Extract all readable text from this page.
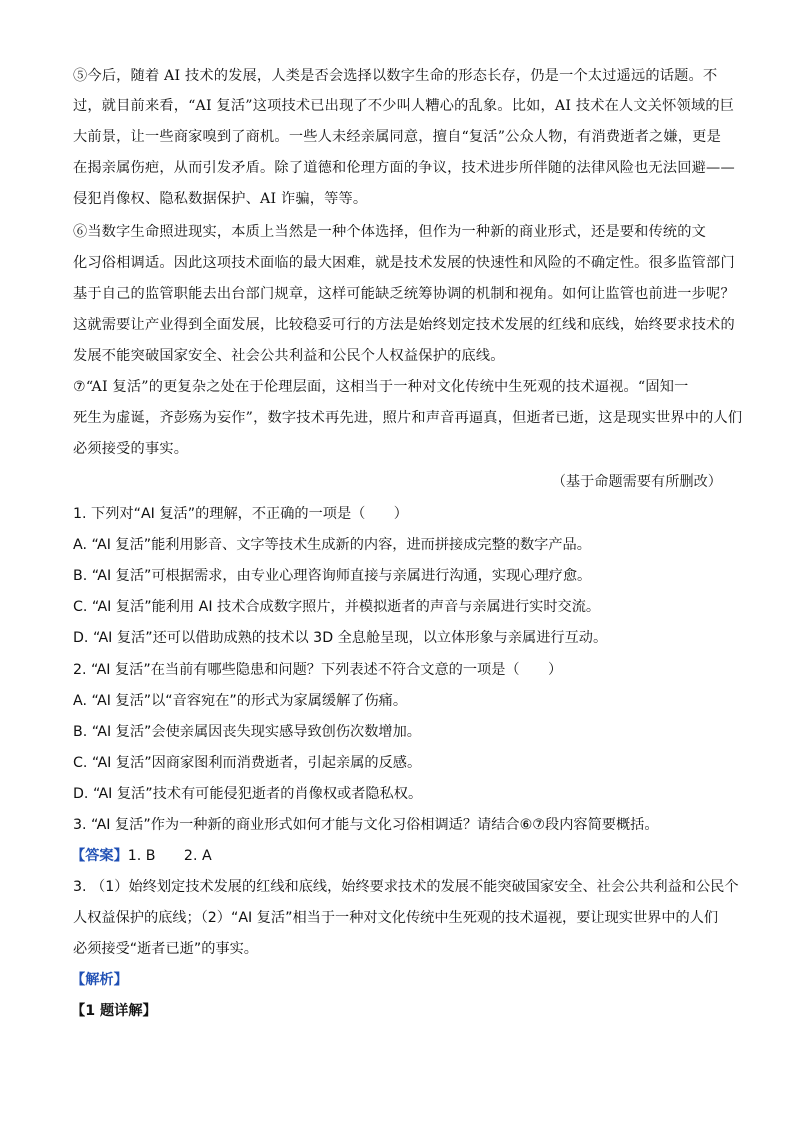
⑤今后，随着 AI 技术的发展，人类是否会选择以数字生命的形态长存，仍是一个太过遥远的话题。不
过，就目前来看，“AI 复活”这项技术已出现了不少叫人糟心的乱象。比如，AI 技术在人文关怀领域的巨
大前景，让一些商家嗅到了商机。一些人未经亲属同意，擅自“复活”公众人物，有消费逝者之嫌，更是
在揭亲属伤疤，从而引发矛盾。除了道德和伦理方面的争议，技术进步所伴随的法律风险也无法回避——
侵犯肖像权、隐私数据保护、AI 诈骗，等等。
⑥当数字生命照进现实，本质上当然是一种个体选择，但作为一种新的商业形式，还是要和传统的文
化习俗相调适。因此这项技术面临的最大困难，就是技术发展的快速性和风险的不确定性。很多监管部门
基于自己的监管职能去出台部门规章，这样可能缺乏统筹协调的机制和视角。如何让监管也前进一步呢？
这就需要让产业得到全面发展，比较稳妥可行的方法是始终划定技术发展的红线和底线，始终要求技术的
发展不能突破国家安全、社会公共利益和公民个人权益保护的底线。
⑦“AI 复活”的更复杂之处在于伦理层面，这相当于一种对文化传统中生死观的技术逼视。“固知一
死生为虚诞，齐彭殇为妄作”，数字技术再先进，照片和声音再逼真，但逝者已逝，这是现实世界中的人们
必须接受的事实。
（基于命题需要有所删改）
1. 下列对“AI 复活”的理解，不正确的一项是（　　）
A. “AI 复活”能利用影音、文字等技术生成新的内容，进而拼接成完整的数字产品。
B. “AI 复活”可根据需求，由专业心理咨询师直接与亲属进行沟通，实现心理疗愈。
C. “AI 复活”能利用 AI 技术合成数字照片，并模拟逝者的声音与亲属进行实时交流。
D. “AI 复活”还可以借助成熟的技术以 3D 全息舱呈现，以立体形象与亲属进行互动。
2. “AI 复活”在当前有哪些隐患和问题？下列表述不符合文意的一项是（　　）
A. “AI 复活”以“音容宛在”的形式为家属缓解了伤痛。
B. “AI 复活”会使亲属因丧失现实感导致创伤次数增加。
C. “AI 复活”因商家图利而消费逝者，引起亲属的反感。
D. “AI 复活”技术有可能侵犯逝者的肖像权或者隐私权。
3. “AI 复活”作为一种新的商业形式如何才能与文化习俗相调适？请结合⑥⑦段内容简要概括。
【答案】1. B　　2. A
3. （1）始终划定技术发展的红线和底线，始终要求技术的发展不能突破国家安全、社会公共利益和公民个
人权益保护的底线；（2）“AI 复活”相当于一种对文化传统中生死观的技术逼视，要让现实世界中的人们
必须接受“逝者已逝”的事实。
【解析】
【1 题详解】
